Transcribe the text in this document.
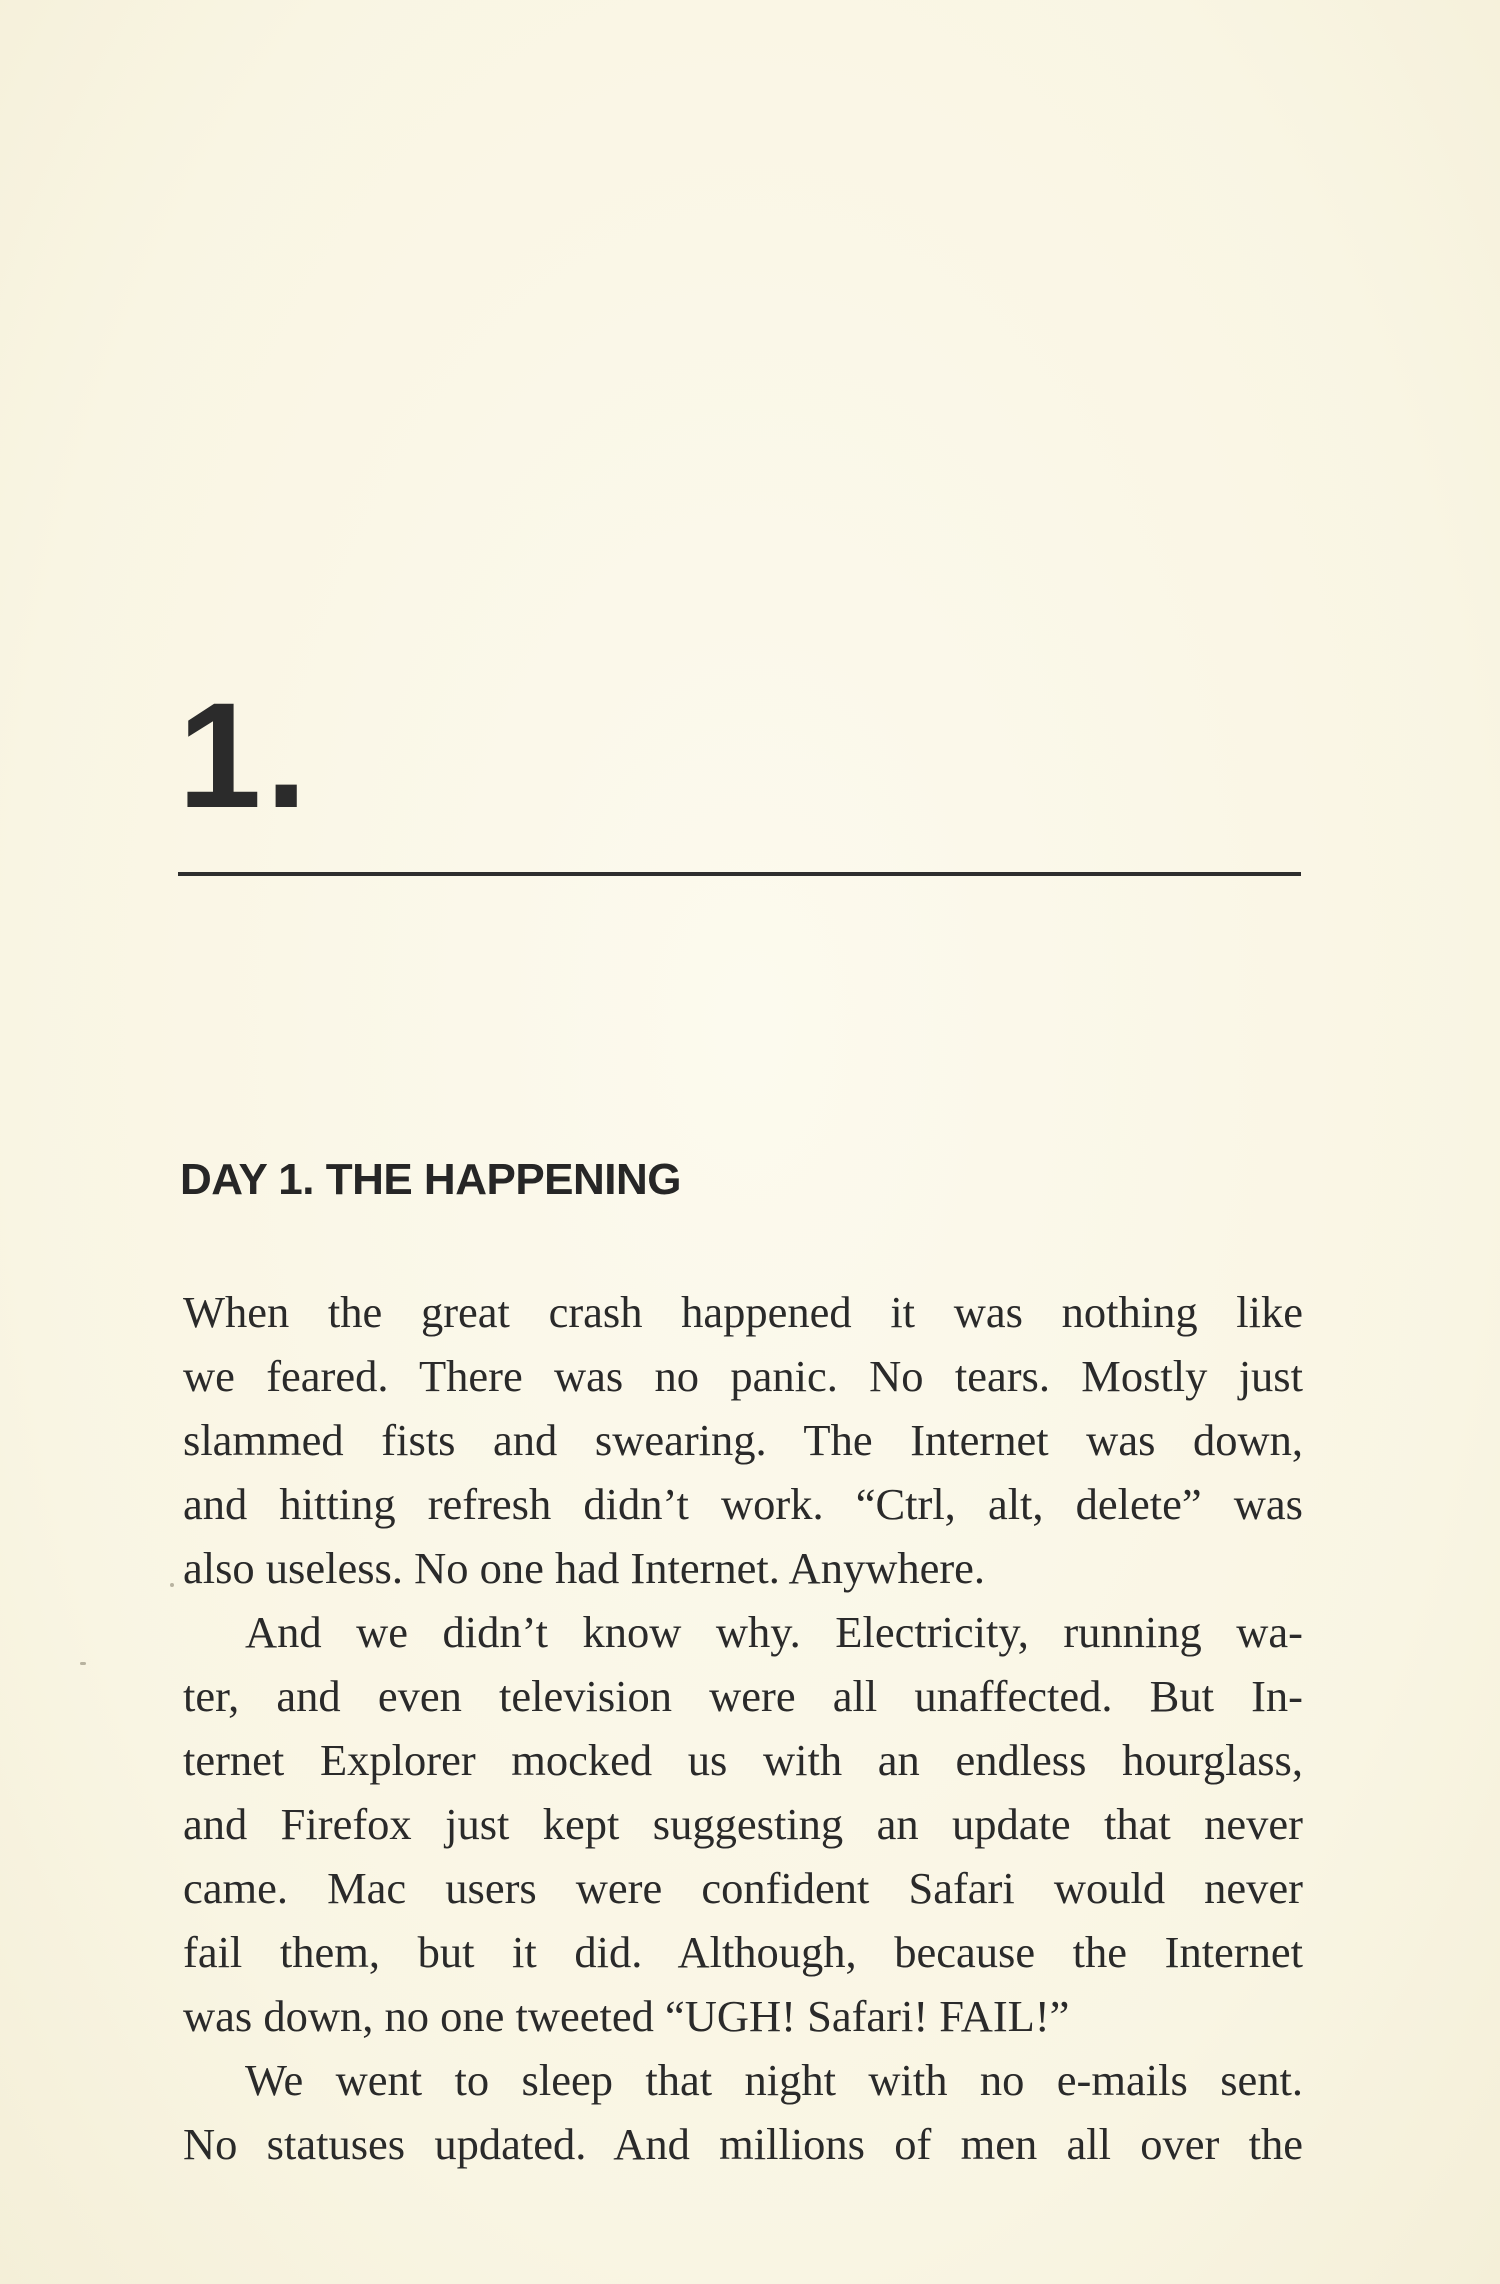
1.
DAY 1. THE HAPPENING

When the great crash happened it was nothing like
we feared. There was no panic. No tears. Mostly just
slammed fists and swearing. The Internet was down,
and hitting refresh didn’t work. “Ctrl, alt, delete” was
also useless. No one had Internet. Anywhere.

And we didn’t know why. Electricity, running wa-
ter, and even television were all unaffected. But In-
ternet Explorer mocked us with an endless hourglass,
and Firefox just kept suggesting an update that never
came. Mac users were confident Safari would never
fail them, but it did. Although, because the Internet
was down, no one tweeted “UGH! Safari! FAIL!”

We went to sleep that night with no e-mails sent.
No statuses updated. And millions of men all over the
